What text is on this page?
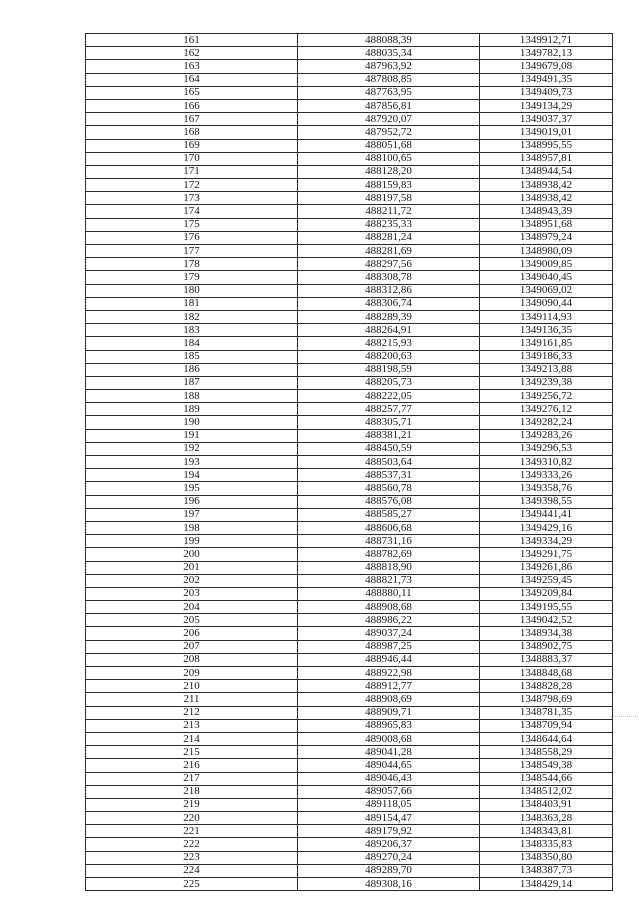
161	488088,39	1349912,71
162	488035,34	1349782,13
163	487963,92	1349679,08
164	487808,85	1349491,35
165	487763,95	1349409,73
166	487856,81	1349134,29
167	487920,07	1349037,37
168	487952,72	1349019,01
169	488051,68	1348995,55
170	488100,65	1348957,81
171	488128,20	1348944,54
172	488159,83	1348938,42
173	488197,58	1348938,42
174	488211,72	1348943,39
175	488235,33	1348951,68
176	488281,24	1348979,24
177	488281,69	1348980,09
178	488297,56	1349009,85
179	488308,78	1349040,45
180	488312,86	1349069,02
181	488306,74	1349090,44
182	488289,39	1349114,93
183	488264,91	1349136,35
184	488215,93	1349161,85
185	488200,63	1349186,33
186	488198,59	1349213,88
187	488205,73	1349239,38
188	488222,05	1349256,72
189	488257,77	1349276,12
190	488305,71	1349282,24
191	488381,21	1349283,26
192	488450,59	1349296,53
193	488503,64	1349310,82
194	488537,31	1349333,26
195	488560,78	1349358,76
196	488576,08	1349398,55
197	488585,27	1349441,41
198	488606,68	1349429,16
199	488731,16	1349334,29
200	488782,69	1349291,75
201	488818,90	1349261,86
202	488821,73	1349259,45
203	488880,11	1349209,84
204	488908,68	1349195,55
205	488986,22	1349042,52
206	489037,24	1348934,38
207	488987,25	1348902,75
208	488946,44	1348883,37
209	488922,98	1348848,68
210	488912,77	1348828,28
211	488908,69	1348798,69
212	488909,71	1348781,35
213	488965,83	1348709,94
214	489008,68	1348644,64
215	489041,28	1348558,29
216	489044,65	1348549,38
217	489046,43	1348544,66
218	489057,66	1348512,02
219	489118,05	1348403,91
220	489154,47	1348363,28
221	489179,92	1348343,81
222	489206,37	1348335,83
223	489270,24	1348350,80
224	489289,70	1348387,73
225	489308,16	1348429,14
